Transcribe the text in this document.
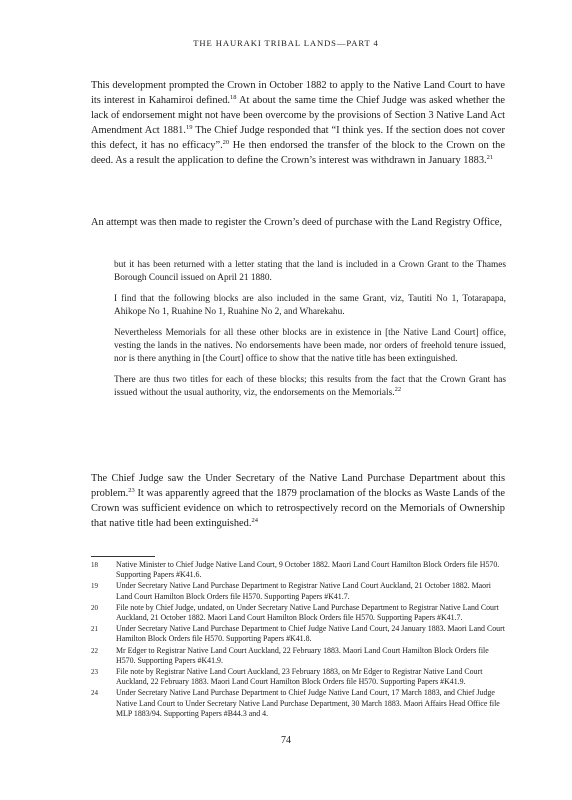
THE HAURAKI TRIBAL LANDS—PART 4

This development prompted the Crown in October 1882 to apply to the Native Land Court to have its interest in Kahamiroi defined.$^{18}$ At about the same time the Chief Judge was asked whether the lack of endorsement might not have been overcome by the provisions of Section 3 Native Land Act Amendment Act 1881.19 The Chief Judge responded that “I think yes. If the section does not cover this defect, it has no efficacy”.$^{20}$ He then endorsed the transfer of the block to the Crown on the deed. As a result the application to define the Crown’s interest was withdrawn in January 1883.21

An attempt was then made to register the Crown’s deed of purchase with the Land Registry Office,

but it has been returned with a letter stating that the land is included in a Crown Grant to the Thames Borough Council issued on April 21 1880.

I find that the following blocks are also included in the same Grant, viz, Tautiti No 1, Totarapapa, Ahikope No 1, Ruahine No 1, Ruahine No 2, and Wharekahu.

Nevertheless Memorials for all these other blocks are in existence in [the Native Land Court] office, vesting the lands in the natives. No endorsements have been made, nor orders of freehold tenure issued, nor is there anything in [the Court] office to show that the native title has been extinguished.

There are thus two titles for each of these blocks; this results from the fact that the Crown Grant has issued without the usual authority, viz, the endorsements on the Memorials.$^{22}$

The Chief Judge saw the Under Secretary of the Native Land Purchase Department about this problem.$^{23}$ It was apparently agreed that the 1879 proclamation of the blocks as Waste Lands of the Crown was sufficient evidence on which to retrospectively record on the Memorials of Ownership that native title had been extinguished.$^{24}$

18	Native Minister to Chief Judge Native Land Court, 9 October 1882. Maori Land Court Hamilton Block Orders file H570. Supporting Papers #K41.6.
19	Under Secretary Native Land Purchase Department to Registrar Native Land Court Auckland, 21 October 1882. Maori Land Court Hamilton Block Orders file H570. Supporting Papers #K41.7.
20	File note by Chief Judge, undated, on Under Secretary Native Land Purchase Department to Registrar Native Land Court Auckland, 21 October 1882. Maori Land Court Hamilton Block Orders file H570. Supporting Papers #K41.7.
21	Under Secretary Native Land Purchase Department to Chief Judge Native Land Court, 24 January 1883. Maori Land Court Hamilton Block Orders file H570. Supporting Papers #K41.8.
22	Mr Edger to Registrar Native Land Court Auckland, 22 February 1883. Maori Land Court Hamilton Block Orders file H570. Supporting Papers #K41.9.
23	File note by Registrar Native Land Court Auckland, 23 February 1883, on Mr Edger to Registrar Native Land Court Auckland, 22 February 1883. Maori Land Court Hamilton Block Orders file H570. Supporting Papers #K41.9.
24	Under Secretary Native Land Purchase Department to Chief Judge Native Land Court, 17 March 1883, and Chief Judge Native Land Court to Under Secretary Native Land Purchase Department, 30 March 1883. Maori Affairs Head Office file MLP 1883/94. Supporting Papers #B44.3 and 4.
74
